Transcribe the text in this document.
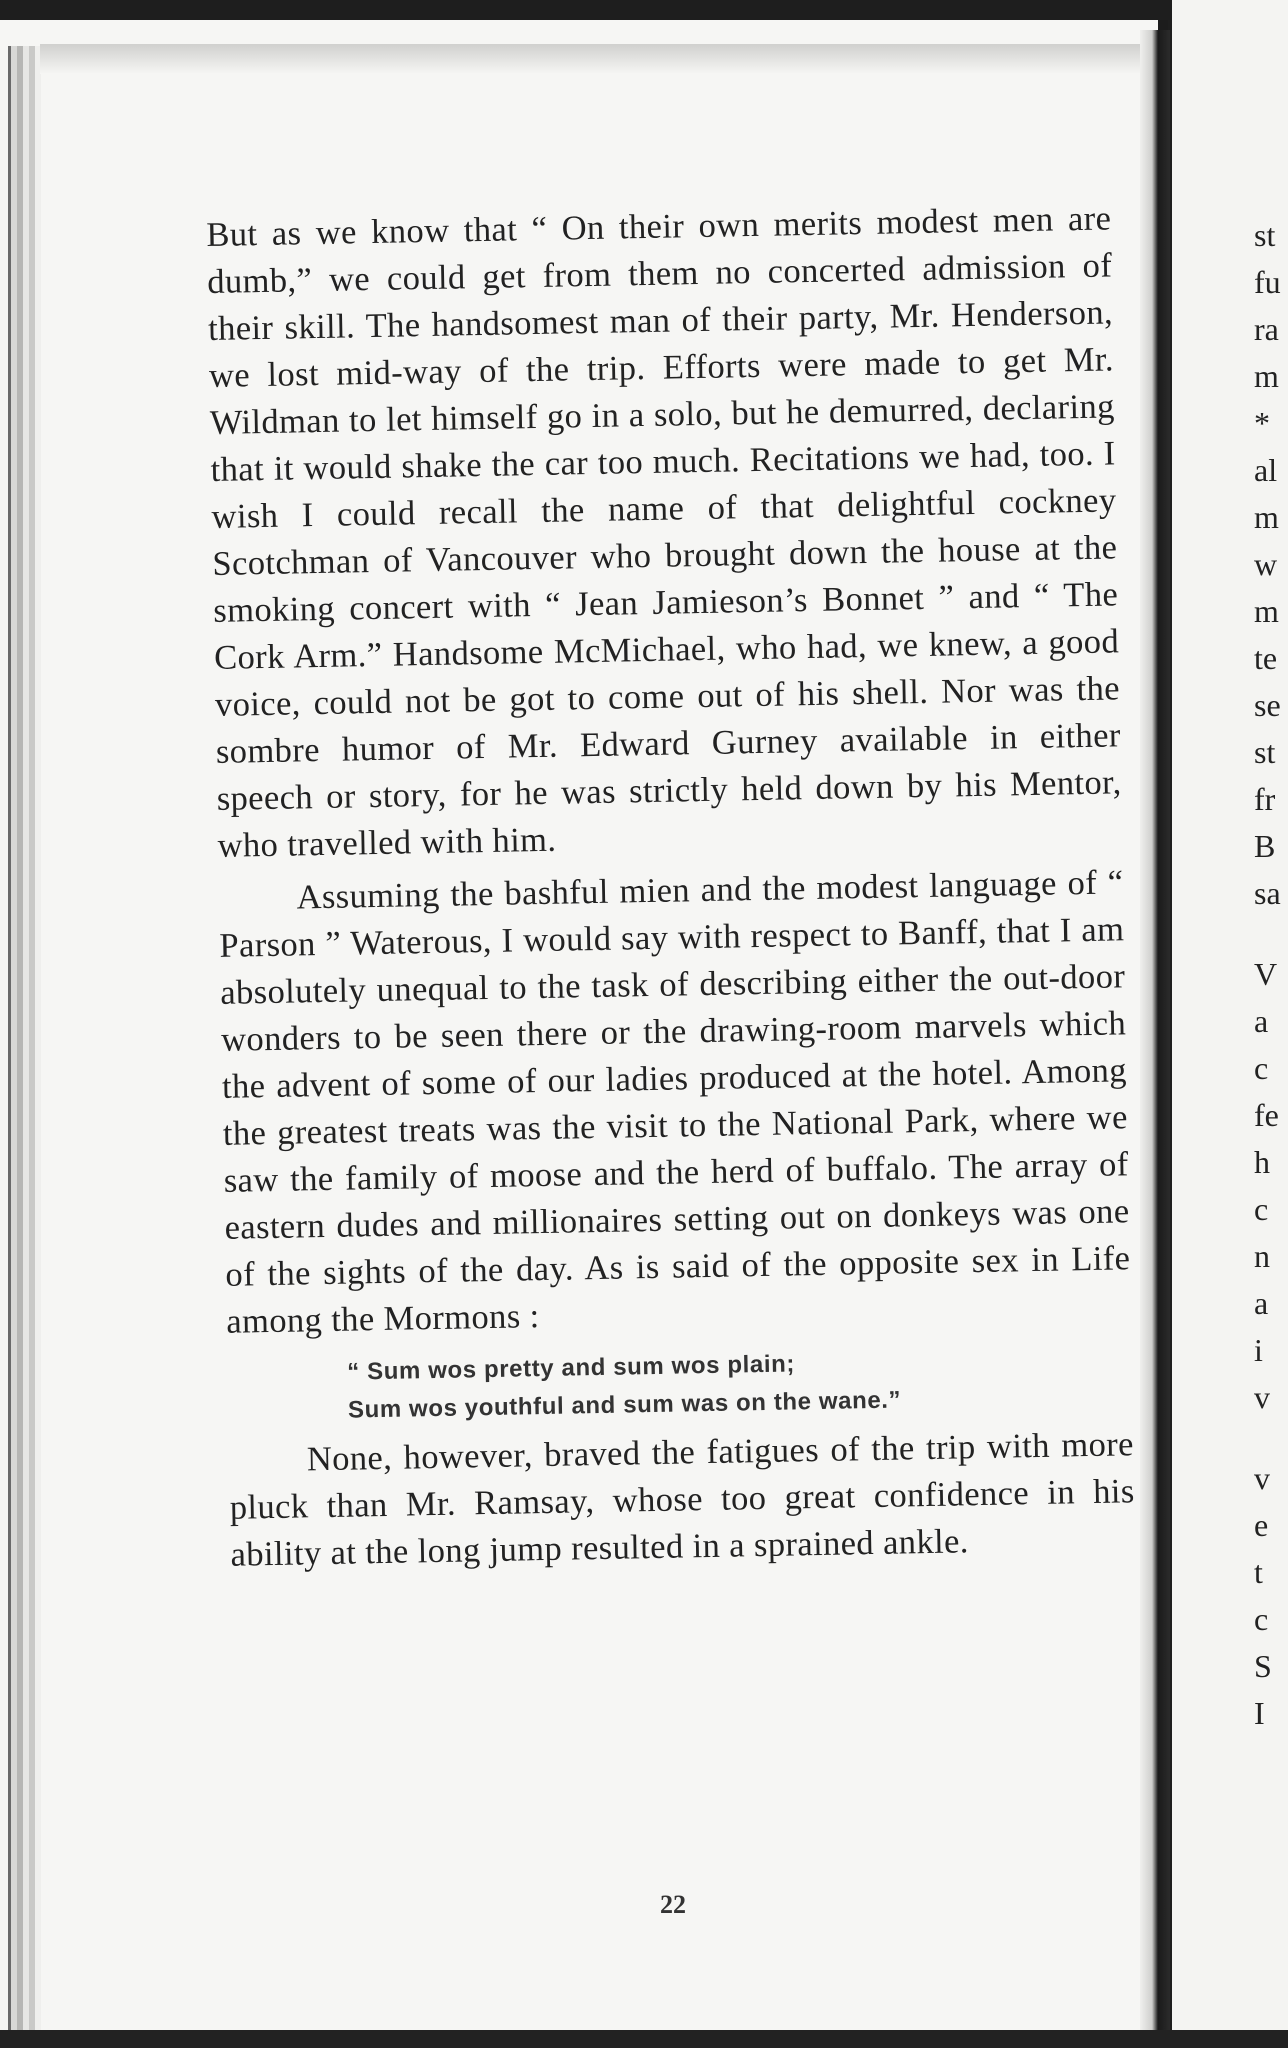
But as we know that “ On their own merits modest men are dumb,” we could get from them no concerted admission of their skill. The handsomest man of their party, Mr. Henderson, we lost mid-way of the trip. Efforts were made to get Mr. Wildman to let himself go in a solo, but he demurred, declaring that it would shake the car too much. Recitations we had, too. I wish I could recall the name of that delightful cockney Scotchman of Vancouver who brought down the house at the smoking concert with “ Jean Jamieson’s Bonnet ” and “ The Cork Arm.” Handsome McMichael, who had, we knew, a good voice, could not be got to come out of his shell. Nor was the sombre humor of Mr. Edward Gurney available in either speech or story, for he was strictly held down by his Mentor, who travelled with him.

Assuming the bashful mien and the modest language of “ Parson ” Waterous, I would say with respect to Banff, that I am absolutely unequal to the task of describing either the out-door wonders to be seen there or the drawing-room marvels which the advent of some of our ladies produced at the hotel. Among the greatest treats was the visit to the National Park, where we saw the family of moose and the herd of buffalo. The array of eastern dudes and millionaires setting out on donkeys was one of the sights of the day. As is said of the opposite sex in Life among the Mormons :

“ Sum wos pretty and sum wos plain;
Sum wos youthful and sum was on the wane.”

None, however, braved the fatigues of the trip with more pluck than Mr. Ramsay, whose too great confidence in his ability at the long jump resulted in a sprained ankle.

22
st
fu
ra
m
*
al
m
w
m
te
se
st
fr
B
sa
V
a
c
fe
h
c
n
a
i
v
v
e
t
c
S
I
